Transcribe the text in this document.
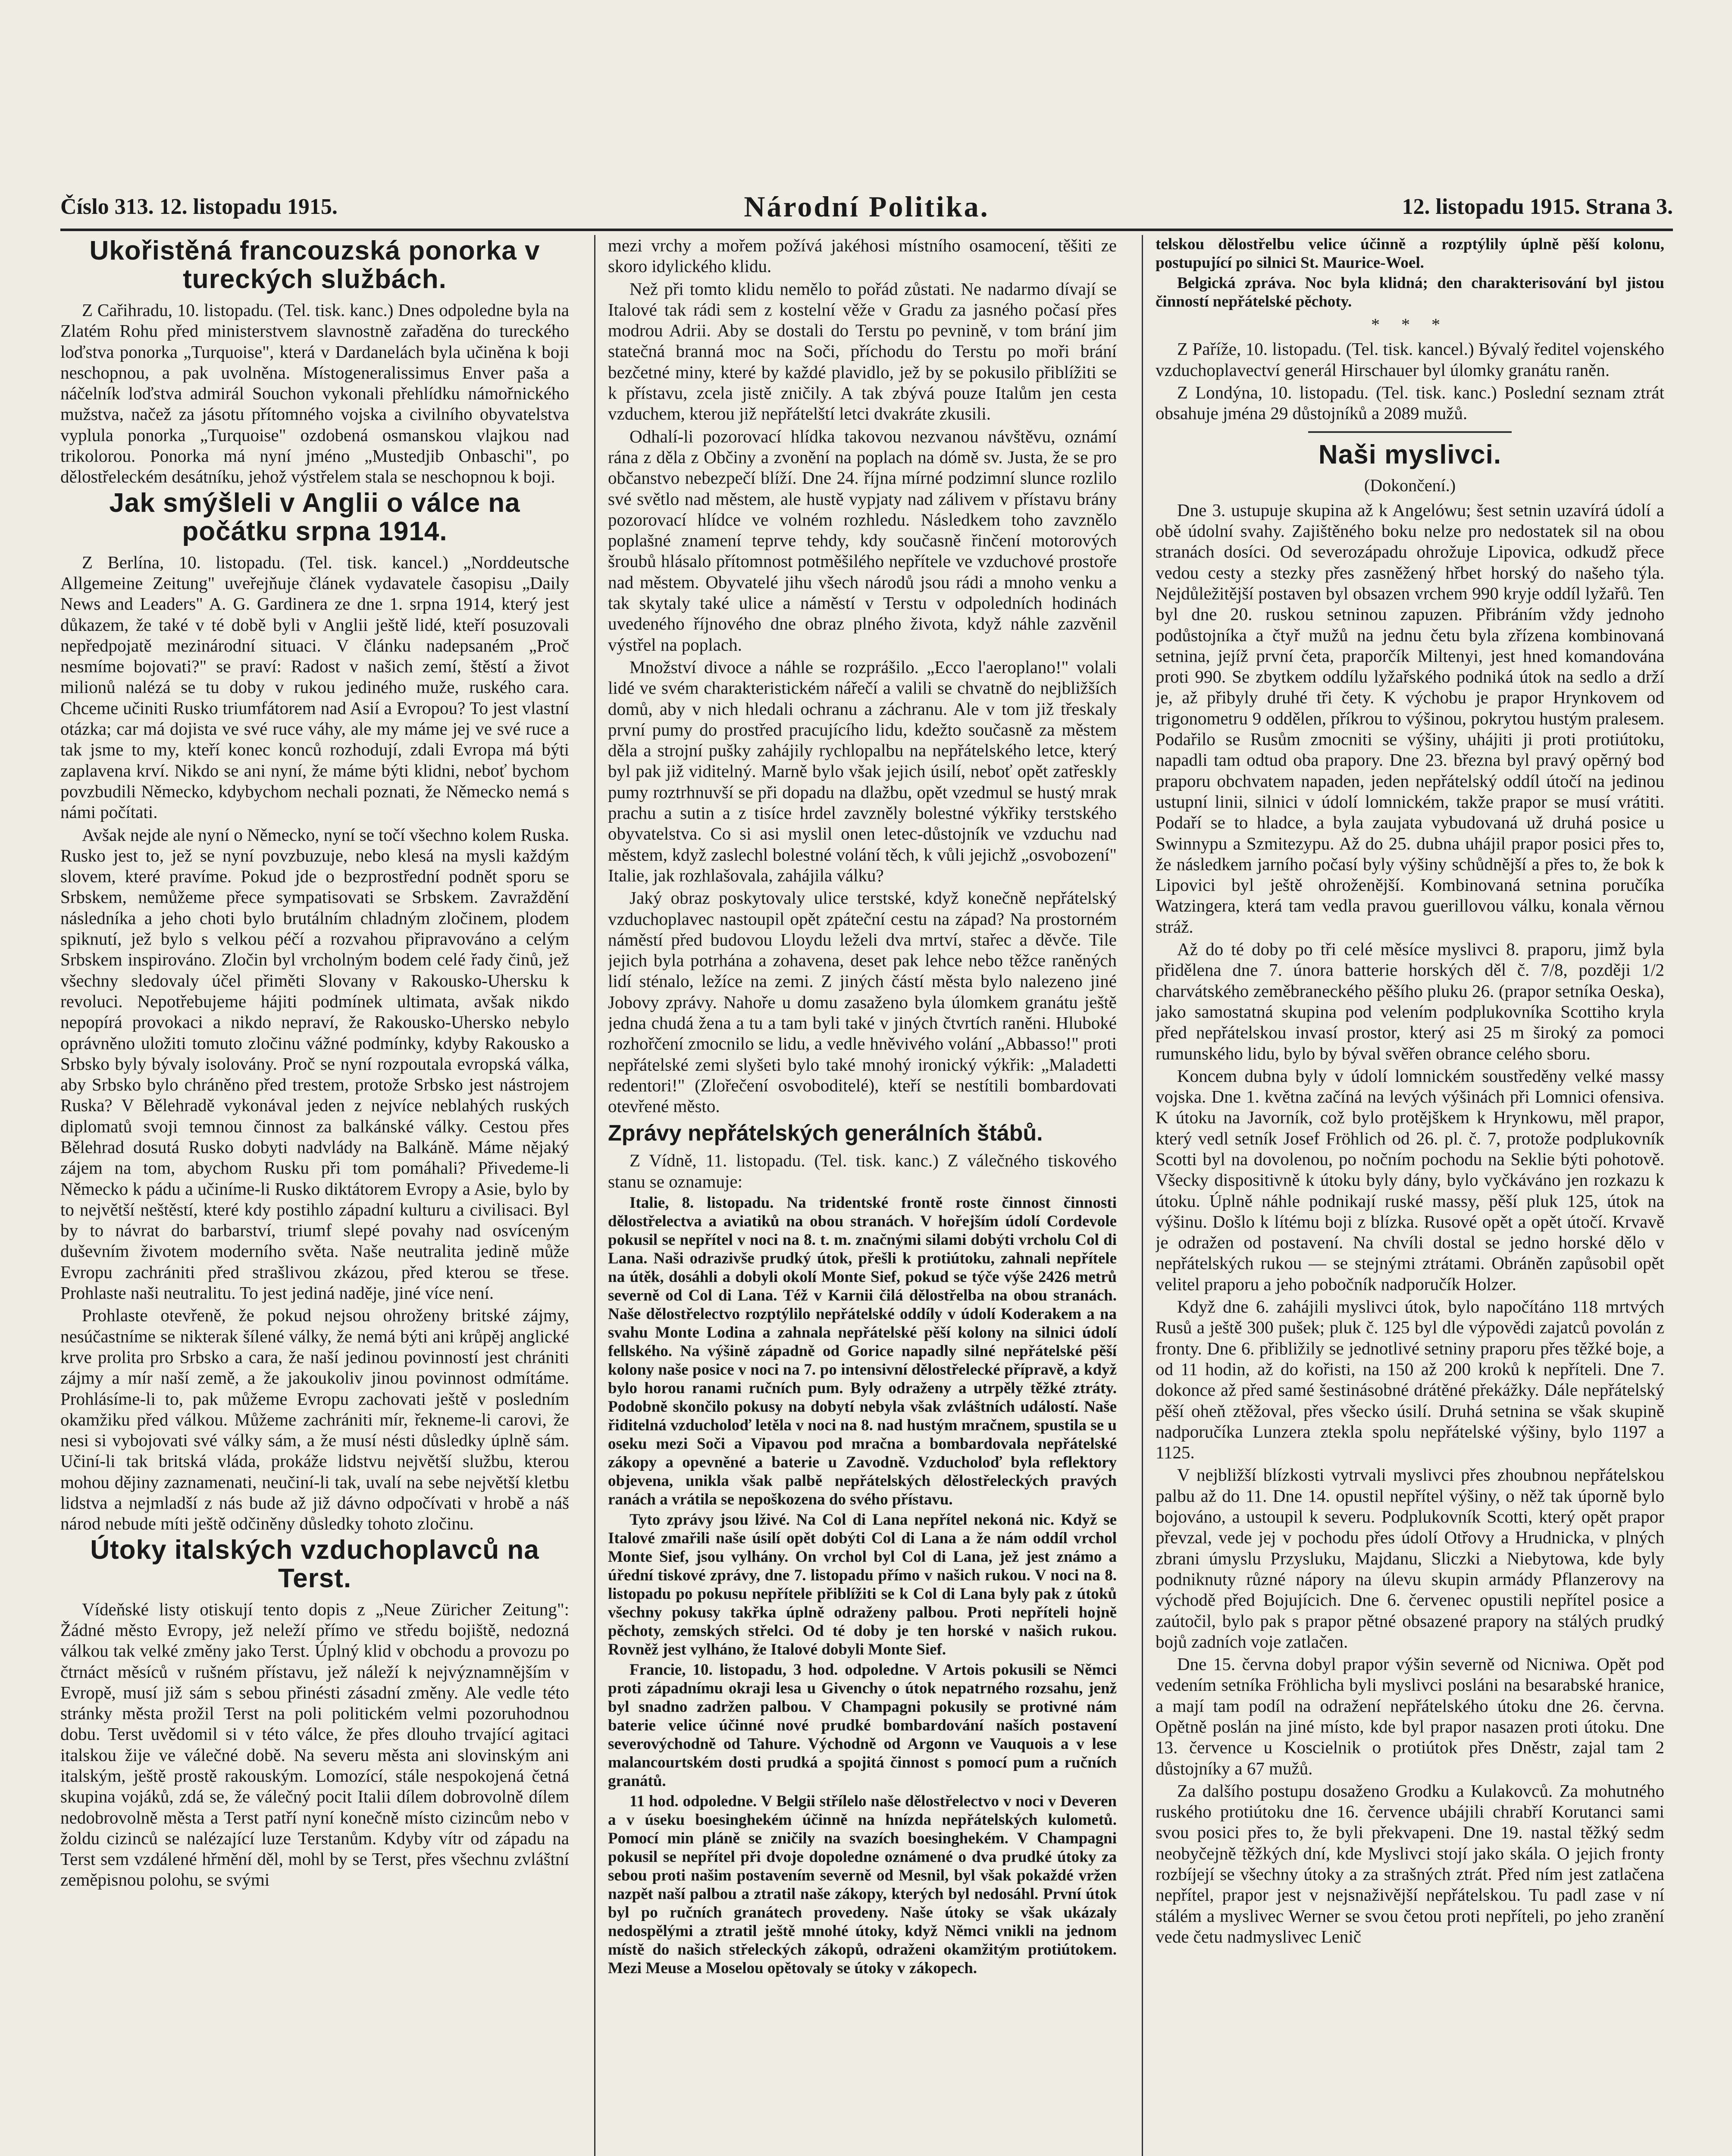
Číslo 313. 12. listopadu 1915.	Národní Politika.	12. listopadu 1915. Strana 3.
Ukořistěná francouzská ponorka v tureckých službách.

Z Cařihradu, 10. listopadu. (Tel. tisk. kanc.) Dnes odpoledne byla na Zlatém Rohu před ministerstvem slavnostně zařaděna do tureckého loďstva ponorka „Turquoise", která v Dardanelách byla učiněna k boji neschopnou, a pak uvolněna. Místogeneralissimus Enver paša a náčelník loďstva admirál Souchon vykonali přehlídku námořnického mužstva, načež za jásotu přítomného vojska a civilního obyvatelstva vyplula ponorka „Turquoise" ozdobená osmanskou vlajkou nad trikolorou. Ponorka má nyní jméno „Mustedjib Onbaschi", po dělostřeleckém desátníku, jehož výstřelem stala se neschopnou k boji.

Jak smýšleli v Anglii o válce na počátku srpna 1914.

Z Berlína, 10. listopadu. (Tel. tisk. kancel.) „Norddeutsche Allgemeine Zeitung" uveřejňuje článek vydavatele časopisu „Daily News and Leaders" A. G. Gardinera ze dne 1. srpna 1914, který jest důkazem, že také v té době byli v Anglii ještě lidé, kteří posuzovali nepředpojatě mezinárodní situaci. V článku nadepsaném „Proč nesmíme bojovati?" se praví: Radost v našich zemí, štěstí a život milionů nalézá se tu doby v rukou jediného muže, ruského cara. Chceme učiniti Rusko triumfátorem nad Asií a Evropou? To jest vlastní otázka; car má dojista ve své ruce váhy, ale my máme jej ve své ruce a tak jsme to my, kteří konec konců rozhodují, zdali Evropa má býti zaplavena krví. Nikdo se ani nyní, že máme býti klidni, neboť bychom povzbudili Německo, kdybychom nechali poznati, že Německo nemá s námi počítati.

Avšak nejde ale nyní o Německo, nyní se točí všechno kolem Ruska. Rusko jest to, jež se nyní povzbuzuje, nebo klesá na mysli každým slovem, které pravíme. Pokud jde o bezprostřední podnět sporu se Srbskem, nemůžeme přece sympatisovati se Srbskem. Zavraždění následníka a jeho choti bylo brutálním chladným zločinem, plodem spiknutí, jež bylo s velkou péčí a rozvahou připravováno a celým Srbskem inspirováno. Zločin byl vrcholným bodem celé řady činů, jež všechny sledovaly účel přiměti Slovany v Rakousko-Uhersku k revoluci. Nepotřebujeme hájiti podmínek ultimata, avšak nikdo nepopírá provokaci a nikdo nepraví, že Rakousko-Uhersko nebylo oprávněno uložiti tomuto zločinu vážné podmínky, kdyby Rakousko a Srbsko byly bývaly isolovány. Proč se nyní rozpoutala evropská válka, aby Srbsko bylo chráněno před trestem, protože Srbsko jest nástrojem Ruska? V Bělehradě vykonával jeden z nejvíce neblahých ruských diplomatů svoji temnou činnost za balkánské války. Cestou přes Bělehrad dosutá Rusko dobyti nadvlády na Balkáně. Máme nějaký zájem na tom, abychom Rusku při tom pomáhali? Přivedeme-li Německo k pádu a učiníme-li Rusko diktátorem Evropy a Asie, bylo by to největší neštěstí, které kdy postihlo západní kulturu a civilisaci. Byl by to návrat do barbarství, triumf slepé povahy nad osvíceným duševním životem moderního světa. Naše neutralita jedině může Evropu zachrániti před strašlivou zkázou, před kterou se třese. Prohlaste naši neutralitu. To jest jediná naděje, jiné více není.

Prohlaste otevřeně, že pokud nejsou ohroženy britské zájmy, nesúčastníme se nikterak šílené války, že nemá býti ani krůpěj anglické krve prolita pro Srbsko a cara, že naší jedinou povinností jest chrániti zájmy a mír naší země, a že jakoukoliv jinou povinnost odmítáme. Prohlásíme-li to, pak můžeme Evropu zachovati ještě v posledním okamžiku před válkou. Můžeme zachrániti mír, řekneme-li carovi, že nesi si vybojovati své války sám, a že musí nésti důsledky úplně sám. Učiní-li tak britská vláda, prokáže lidstvu největší službu, kterou mohou dějiny zaznamenati, neučiní-li tak, uvalí na sebe největší kletbu lidstva a nejmladší z nás bude až již dávno odpočívati v hrobě a náš národ nebude míti ještě odčiněny důsledky tohoto zločinu.

Útoky italských vzduchoplavců na Terst.

Vídeňské listy otiskují tento dopis z „Neue Züricher Zeitung": Žádné město Evropy, jež neleží přímo ve středu bojiště, nedozná válkou tak velké změny jako Terst. Úplný klid v obchodu a provozu po čtrnáct měsíců v rušném přístavu, jež náleží k nejvýznamnějším v Evropě, musí již sám s sebou přinésti zásadní změny. Ale vedle této stránky města prožil Terst na poli politickém velmi pozoruhodnou dobu. Terst uvědomil si v této válce, že přes dlouho trvající agitaci italskou žije ve válečné době. Na severu města ani slovinským ani italským, ještě prostě rakouským. Lomozící, stále nespokojená četná skupina vojáků, zdá se, že válečný pocit Italii dílem dobrovolně dílem nedobrovolně města a Terst patří nyní konečně místo cizincům nebo v žoldu cizinců se nalézající luze Terstanům. Kdyby vítr od západu na Terst sem vzdálené hřmění děl, mohl by se Terst, přes všechnu zvláštní zeměpisnou polohu, se svými

mezi vrchy a mořem požívá jakéhosi místního osamocení, těšiti ze skoro idylického klidu.

Než při tomto klidu nemělo to pořád zůstati. Ne nadarmo dívají se Italové tak rádi sem z kostelní věže v Gradu za jasného počasí přes modrou Adrii. Aby se dostali do Terstu po pevnině, v tom brání jim statečná branná moc na Soči, příchodu do Terstu po moři brání bezčetné miny, které by každé plavidlo, jež by se pokusilo přiblížiti se k přístavu, zcela jistě zničily. A tak zbývá pouze Italům jen cesta vzduchem, kterou již nepřátelští letci dvakráte zkusili.

Odhalí-li pozorovací hlídka takovou nezvanou návštěvu, oznámí rána z děla z Občiny a zvonění na poplach na dómě sv. Justa, že se pro občanstvo nebezpečí blíží. Dne 24. října mírné podzimní slunce rozlilo své světlo nad městem, ale hustě vypjaty nad zálivem v přístavu brány pozorovací hlídce ve volném rozhledu. Následkem toho zavznělo poplašné znamení teprve tehdy, kdy současně řinčení motorových šroubů hlásalo přítomnost potměšilého nepřítele ve vzduchové prostoře nad městem. Obyvatelé jihu všech národů jsou rádi a mnoho venku a tak skytaly také ulice a náměstí v Terstu v odpoledních hodinách uvedeného říjnového dne obraz plného života, když náhle zazvěnil výstřel na poplach.

Množství divoce a náhle se rozprášilo. „Ecco l'aeroplano!" volali lidé ve svém charakteristickém nářečí a valili se chvatně do nejbližších domů, aby v nich hledali ochranu a záchranu. Ale v tom již třeskaly první pumy do prostřed pracujícího lidu, kdežto současně za městem děla a strojní pušky zahájily rychlopalbu na nepřátelského letce, který byl pak již viditelný. Marně bylo však jejich úsilí, neboť opět zatřeskly pumy roztrhnuvší se při dopadu na dlažbu, opět vzedmul se hustý mrak prachu a sutin a z tisíce hrdel zavzněly bolestné výkřiky terstského obyvatelstva. Co si asi myslil onen letec-důstojník ve vzduchu nad městem, když zaslechl bolestné volání těch, k vůli jejichž „osvobození" Italie, jak rozhlašovala, zahájila válku?

Jaký obraz poskytovaly ulice terstské, když konečně nepřátelský vzduchoplavec nastoupil opět zpáteční cestu na západ? Na prostorném náměstí před budovou Lloydu leželi dva mrtví, stařec a děvče. Tile jejich byla potrhána a zohavena, deset pak lehce nebo těžce raněných lidí sténalo, ležíce na zemi. Z jiných částí města bylo nalezeno jiné Jobovy zprávy. Nahoře u domu zasaženo byla úlomkem granátu ještě jedna chudá žena a tu a tam byli také v jiných čtvrtích raněni. Hluboké rozhořčení zmocnilo se lidu, a vedle hněvivého volání „Abbasso!" proti nepřátelské zemi slyšeti bylo také mnohý ironický výkřik: „Maladetti redentori!" (Zlořečení osvoboditelé), kteří se nestítili bombardovati otevřené město.

Zprávy nepřátelských generálních štábů.

Z Vídně, 11. listopadu. (Tel. tisk. kanc.) Z válečného tiskového stanu se oznamuje:

Italie, 8. listopadu. Na tridentské frontě roste činnost činnosti dělostřelectva a aviatiků na obou stranách. V hořejším údolí Cordevole pokusil se nepřítel v noci na 8. t. m. značnými silami dobýti vrcholu Col di Lana. Naši odrazivše prudký útok, přešli k protiútoku, zahnali nepřítele na útěk, dosáhli a dobyli okolí Monte Sief, pokud se týče výše 2426 metrů severně od Col di Lana. Též v Karnii čilá dělostřelba na obou stranách. Naše dělostřelectvo rozptýlilo nepřátelské oddíly v údolí Koderakem a na svahu Monte Lodina a zahnala nepřátelské pěší kolony na silnici údolí fellského. Na výšině západně od Gorice napadly silné nepřátelské pěší kolony naše posice v noci na 7. po intensivní dělostřelecké přípravě, a když bylo horou ranami ručních pum. Byly odraženy a utrpěly těžké ztráty. Podobně skončilo pokusy na dobytí nebyla však zvláštních událostí. Naše řiditelná vzducholoď letěla v noci na 8. nad hustým mračnem, spustila se u oseku mezi Soči a Vipavou pod mračna a bombardovala nepřátelské zákopy a opevněné a baterie u Zavodně. Vzducholoď byla reflektory objevena, unikla však palbě nepřátelských dělostřeleckých pravých ranách a vrátila se nepoškozena do svého přístavu.

Tyto zprávy jsou lživé. Na Col di Lana nepřítel nekoná nic. Když se Italové zmařili naše úsilí opět dobýti Col di Lana a že nám oddíl vrchol Monte Sief, jsou vylhány. On vrchol byl Col di Lana, jež jest známo a úřední tiskové zprávy, dne 7. listopadu přímo v našich rukou. V noci na 8. listopadu po pokusu nepřítele přiblížiti se k Col di Lana byly pak z útoků všechny pokusy takřka úplně odraženy palbou. Proti nepříteli hojně pěchoty, zemských střelci. Od té doby je ten horské v našich rukou. Rovněž jest vylháno, že Italové dobyli Monte Sief.

Francie, 10. listopadu, 3 hod. odpoledne. V Artois pokusili se Němci proti západnímu okraji lesa u Givenchy o útok nepatrného rozsahu, jenž byl snadno zadržen palbou. V Champagni pokusily se protivné nám baterie velice účinné nové prudké bombardování naších postavení severovýchodně od Tahure. Východně od Argonn ve Vauquois a v lese malancourtském dosti prudká a spojitá činnost s pomocí pum a ručních granátů.

11 hod. odpoledne. V Belgii střílelo naše dělostřelectvo v noci v Deveren a v úseku boesinghekém účinně na hnízda nepřátelských kulometů. Pomocí min pláně se zničily na svazích boesinghekém. V Champagni pokusil se nepřítel při dvoje dopoledne oznámené o dva prudké útoky za sebou proti našim postavením severně od Mesnil, byl však pokaždé vržen nazpět naší palbou a ztratil naše zákopy, kterých byl nedosáhl. První útok byl po ručních granátech provedeny. Naše útoky se však ukázaly nedospělými a ztratil ještě mnohé útoky, když Němci vnikli na jednom místě do našich střeleckých zákopů, odraženi okamžitým protiútokem. Mezi Meuse a Moselou opětovaly se útoky v zákopech.

telskou dělostřelbu velice účinně a rozptýlily úplně pěší kolonu, postupující po silnici St. Maurice-Woel.

Belgická zpráva. Noc byla klidná; den charakterisování byl jistou činností nepřátelské pěchoty.

* * *

Z Paříže, 10. listopadu. (Tel. tisk. kancel.) Bývalý ředitel vojenského vzduchoplavectví generál Hirschauer byl úlomky granátu raněn.

Z Londýna, 10. listopadu. (Tel. tisk. kanc.) Poslední seznam ztrát obsahuje jména 29 důstojníků a 2089 mužů.

Naši myslivci.
(Dokončení.)

Dne 3. ustupuje skupina až k Angelówu; šest setnin uzavírá údolí a obě údolní svahy. Zajištěného boku nelze pro nedostatek sil na obou stranách dosíci. Od severozápadu ohrožuje Lipovica, odkudž přece vedou cesty a stezky přes zasněžený hřbet horský do našeho týla. Nejdůležitější postaven byl obsazen vrchem 990 kryje oddíl lyžařů. Ten byl dne 20. ruskou setninou zapuzen. Přibráním vždy jednoho podůstojníka a čtyř mužů na jednu četu byla zřízena kombinovaná setnina, jejíž první četa, praporčík Miltenyi, jest hned komandována proti 990. Se zbytkem oddílu lyžařského podniká útok na sedlo a drží je, až přibyly druhé tři čety. K výchobu je prapor Hrynkovem od trigonometru 9 oddělen, příkrou to výšinou, pokrytou hustým pralesem. Podařilo se Rusům zmocniti se výšiny, uhájiti ji proti protiútoku, napadli tam odtud oba prapory. Dne 23. března byl pravý opěrný bod praporu obchvatem napaden, jeden nepřátelský oddíl útočí na jedinou ustupní linii, silnici v údolí lomnickém, takže prapor se musí vrátiti. Podaří se to hladce, a byla zaujata vybudovaná už druhá posice u Swinnypu a Szmitezypu. Až do 25. dubna uhájil prapor posici přes to, že následkem jarního počasí byly výšiny schůdnější a přes to, že bok k Lipovici byl ještě ohroženější. Kombinovaná setnina poručíka Watzingera, která tam vedla pravou guerillovou válku, konala věrnou stráž.

Až do té doby po tři celé měsíce myslivci 8. praporu, jimž byla přidělena dne 7. února batterie horských děl č. 7/8, později 1/2 charvátského zeměbraneckého pěšího pluku 26. (prapor setníka Oeska), jako samostatná skupina pod velením podplukovníka Scottiho kryla před nepřátelskou invasí prostor, který asi 25 m široký za pomoci rumunského lidu, bylo by býval svěřen obrance celého sboru.

Koncem dubna byly v údolí lomnickém soustředěny velké massy vojska. Dne 1. května začíná na levých výšinách při Lomnici ofensiva. K útoku na Javorník, což bylo protějškem k Hrynkowu, měl prapor, který vedl setník Josef Fröhlich od 26. pl. č. 7, protože podplukovník Scotti byl na dovolenou, po nočním pochodu na Seklie býti pohotově. Všecky dispositivně k útoku byly dány, bylo vyčkáváno jen rozkazu k útoku. Úplně náhle podnikají ruské massy, pěší pluk 125, útok na výšinu. Došlo k lítému boji z blízka. Rusové opět a opět útočí. Krvavě je odražen od postavení. Na chvíli dostal se jedno horské dělo v nepřátelských rukou — se stejnými ztrátami. Obráněn zapůsobil opět velitel praporu a jeho pobočník nadporučík Holzer.

Když dne 6. zahájili myslivci útok, bylo napočítáno 118 mrtvých Rusů a ještě 300 pušek; pluk č. 125 byl dle výpovědi zajatců povolán z fronty. Dne 6. přibližily se jednotlivé setniny praporu přes těžké boje, a od 11 hodin, až do kořisti, na 150 až 200 kroků k nepříteli. Dne 7. dokonce až před samé šestinásobné drátěné překážky. Dále nepřátelský pěší oheň ztěžoval, přes všecko úsilí. Druhá setnina se však skupině nadporučíka Lunzera ztekla spolu nepřátelské výšiny, bylo 1197 a 1125.

V nejbližší blízkosti vytrvali myslivci přes zhoubnou nepřátelskou palbu až do 11. Dne 14. opustil nepřítel výšiny, o něž tak úporně bylo bojováno, a ustoupil k severu. Podplukovník Scotti, který opět prapor převzal, vede jej v pochodu přes údolí Otřovy a Hrudnicka, v plných zbrani úmyslu Przysluku, Majdanu, Sliczki a Niebytowa, kde byly podniknuty různé nápory na úlevu skupin armády Pflanzerovy na východě před Bojujícich. Dne 6. červenec opustili nepřítel posice a zaútočil, bylo pak s prapor pětné obsazené prapory na stálých prudký bojů zadních voje zatlačen.

Dne 15. června dobyl prapor výšin severně od Nicniwa. Opět pod vedením setníka Fröhlicha byli myslivci posláni na besarabské hranice, a mají tam podíl na odražení nepřátelského útoku dne 26. června. Opětně poslán na jiné místo, kde byl prapor nasazen proti útoku. Dne 13. července u Koscielnik o protiútok přes Dněstr, zajal tam 2 důstojníky a 67 mužů.

Za dalšího postupu dosaženo Grodku a Kulakovců. Za mohutného ruského protiútoku dne 16. července ubájili chrabří Korutanci sami svou posici přes to, že byli překvapeni. Dne 19. nastal těžký sedm neobyčejně těžkých dní, kde Myslivci stojí jako skála. O jejich fronty rozbíjejí se všechny útoky a za strašných ztrát. Před ním jest zatlačena nepřítel, prapor jest v nejsnaživější nepřátelskou. Tu padl zase v ní stálém a myslivec Werner se svou četou proti nepříteli, po jeho zranění vede četu nadmyslivec Lenič
